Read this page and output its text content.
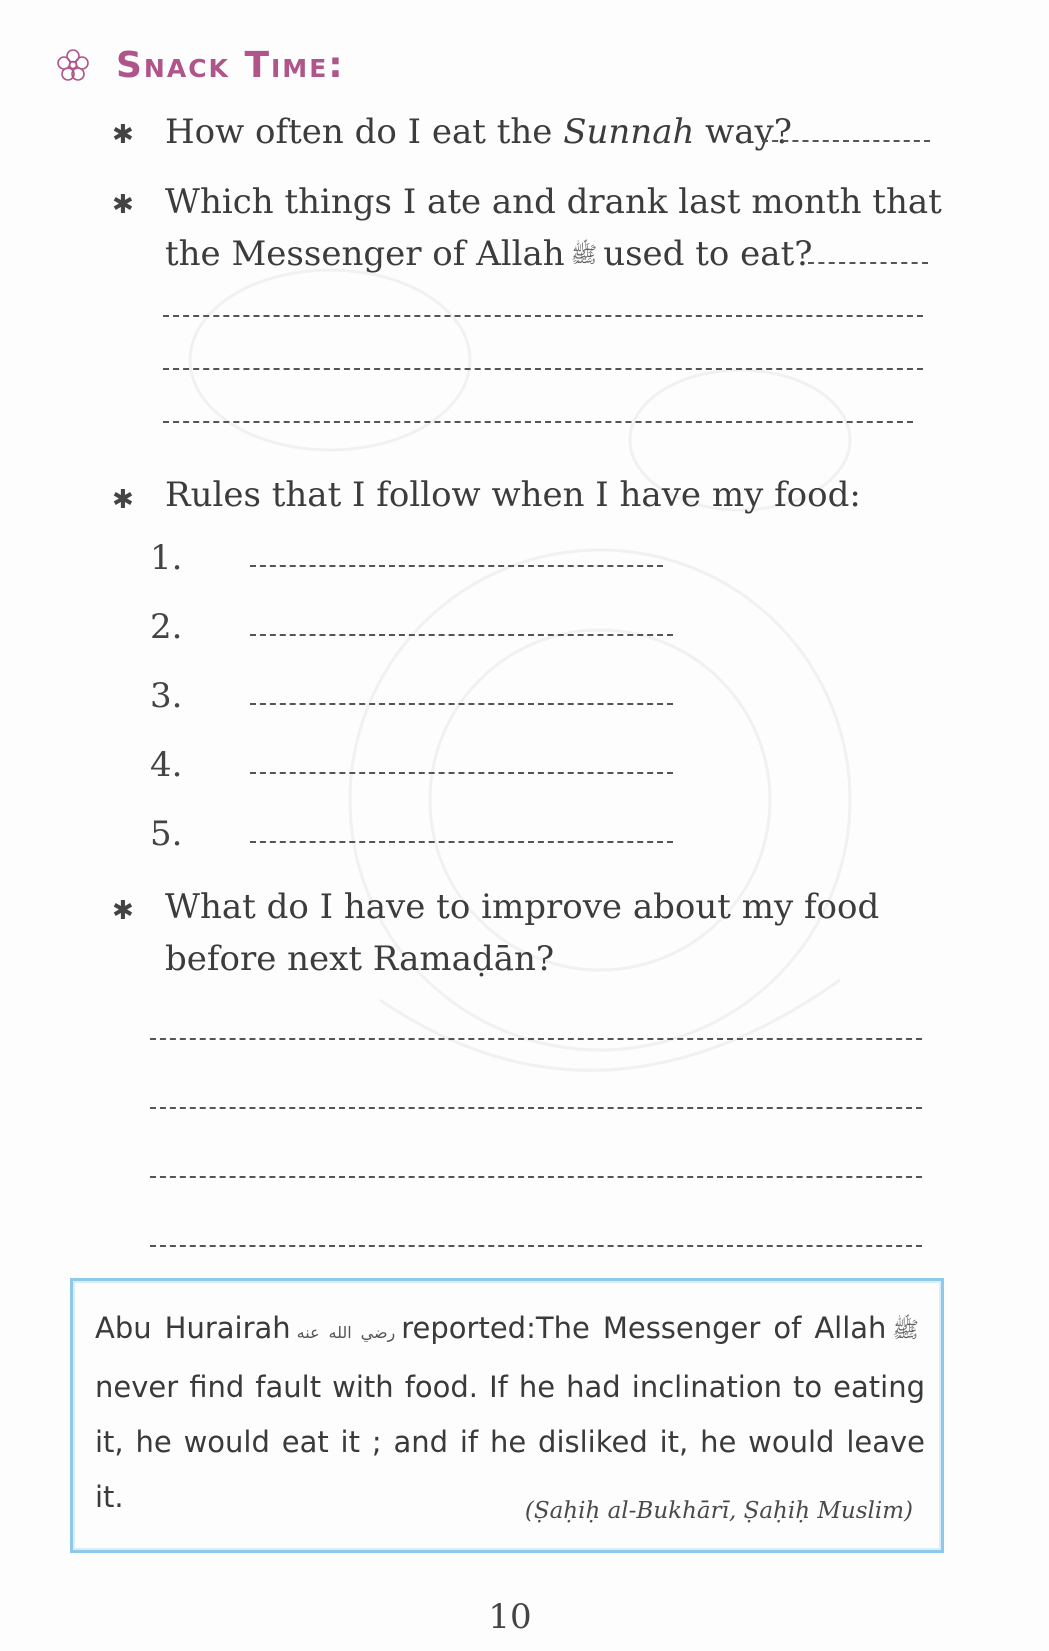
Snack Time:
✱ How often do I eat the Sunnah way?
✱ Which things I ate and drank last month that
the Messenger of Allah ﷺ used to eat?
✱ Rules that I follow when I have my food:
1.
2.
3.
4.
5.
✱ What do I have to improve about my food
before next Ramaḍān?
Abu Hurairah رضي الله عنه reported:The Messenger of Allah ﷺ never find fault with food. If he had inclination to eating it, he would eat it ; and if he disliked it, he would leave it.	(Ṣaḥiḥ al-Bukhārī, Ṣaḥiḥ Muslim)
10
